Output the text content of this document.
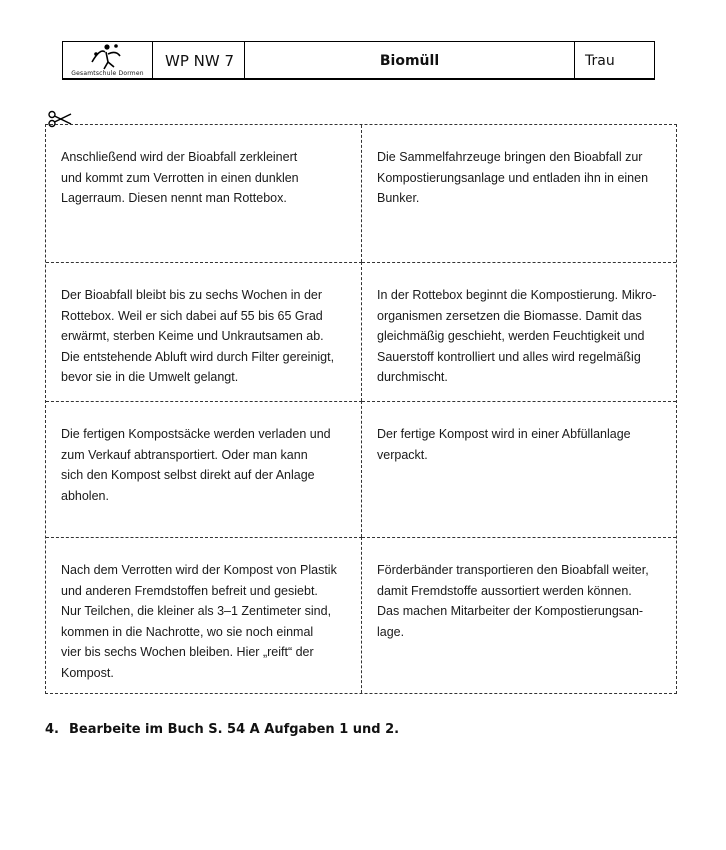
Gesamtschule Dormen
WP NW 7	Biomüll	Trau

Anschließend wird der Bioabfall zerkleinert
und kommt zum Verrotten in einen dunklen
Lagerraum. Diesen nennt man Rottebox.

Die Sammelfahrzeuge bringen den Bioabfall zur
Kompostierungsanlage und entladen ihn in einen
Bunker.

Der Bioabfall bleibt bis zu sechs Wochen in der
Rottebox. Weil er sich dabei auf 55 bis 65 Grad
erwärmt, sterben Keime und Unkrautsamen ab.
Die entstehende Abluft wird durch Filter gereinigt,
bevor sie in die Umwelt gelangt.

In der Rottebox beginnt die Kompostierung. Mikro-
organismen zersetzen die Biomasse. Damit das
gleichmäßig geschieht, werden Feuchtigkeit und
Sauerstoff kontrolliert und alles wird regelmäßig
durchmischt.

Die fertigen Kompostsäcke werden verladen und
zum Verkauf abtransportiert. Oder man kann
sich den Kompost selbst direkt auf der Anlage
abholen.

Der fertige Kompost wird in einer Abfüllanlage
verpackt.

Nach dem Verrotten wird der Kompost von Plastik
und anderen Fremdstoffen befreit und gesiebt.
Nur Teilchen, die kleiner als 3–1 Zentimeter sind,
kommen in die Nachrotte, wo sie noch einmal
vier bis sechs Wochen bleiben. Hier „reift“ der
Kompost.

Förderbänder transportieren den Bioabfall weiter,
damit Fremdstoffe aussortiert werden können.
Das machen Mitarbeiter der Kompostierungsan-
lage.

4. Bearbeite im Buch S. 54 A Aufgaben 1 und 2.
